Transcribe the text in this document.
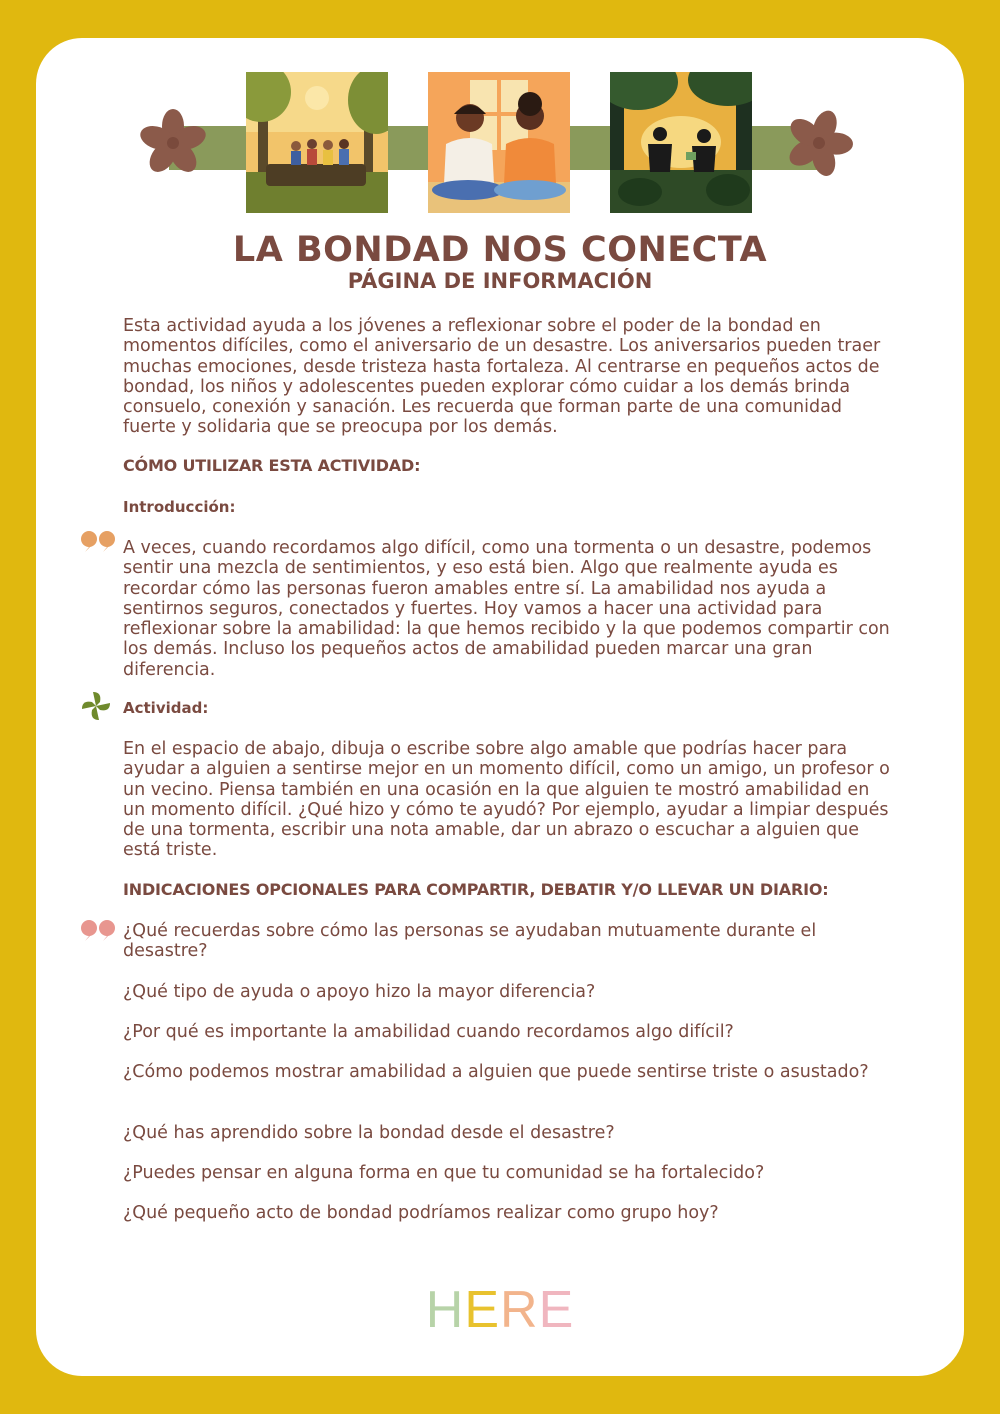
LA BONDAD NOS CONECTA
PÁGINA DE INFORMACIÓN

Esta actividad ayuda a los jóvenes a reflexionar sobre el poder de la bondad en momentos difíciles, como el aniversario de un desastre. Los aniversarios pueden traer muchas emociones, desde tristeza hasta fortaleza. Al centrarse en pequeños actos de bondad, los niños y adolescentes pueden explorar cómo cuidar a los demás brinda consuelo, conexión y sanación. Les recuerda que forman parte de una comunidad fuerte y solidaria que se preocupa por los demás.

CÓMO UTILIZAR ESTA ACTIVIDAD:
Introducción:

A veces, cuando recordamos algo difícil, como una tormenta o un desastre, podemos sentir una mezcla de sentimientos, y eso está bien. Algo que realmente ayuda es recordar cómo las personas fueron amables entre sí. La amabilidad nos ayuda a sentirnos seguros, conectados y fuertes. Hoy vamos a hacer una actividad para reflexionar sobre la amabilidad: la que hemos recibido y la que podemos compartir con los demás. Incluso los pequeños actos de amabilidad pueden marcar una gran diferencia.

Actividad:

En el espacio de abajo, dibuja o escribe sobre algo amable que podrías hacer para ayudar a alguien a sentirse mejor en un momento difícil, como un amigo, un profesor o un vecino. Piensa también en una ocasión en la que alguien te mostró amabilidad en un momento difícil. ¿Qué hizo y cómo te ayudó? Por ejemplo, ayudar a limpiar después de una tormenta, escribir una nota amable, dar un abrazo o escuchar a alguien que está triste.

INDICACIONES OPCIONALES PARA COMPARTIR, DEBATIR Y/O LLEVAR UN DIARIO:

¿Qué recuerdas sobre cómo las personas se ayudaban mutuamente durante el desastre?

¿Qué tipo de ayuda o apoyo hizo la mayor diferencia?

¿Por qué es importante la amabilidad cuando recordamos algo difícil?

¿Cómo podemos mostrar amabilidad a alguien que puede sentirse triste o asustado?

¿Qué has aprendido sobre la bondad desde el desastre?

¿Puedes pensar en alguna forma en que tu comunidad se ha fortalecido?

¿Qué pequeño acto de bondad podríamos realizar como grupo hoy?

HERE
